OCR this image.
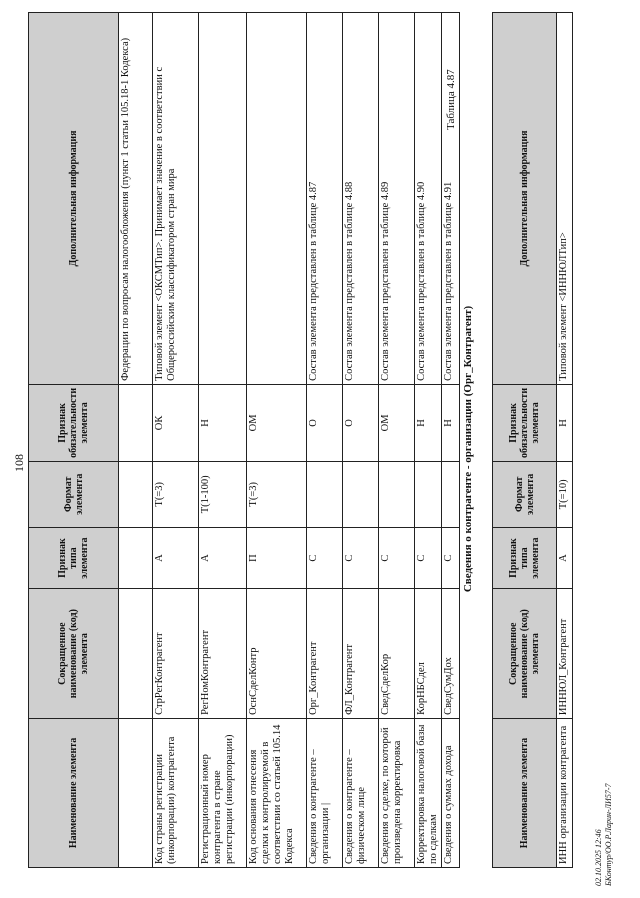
108
Наименование элемента	Сокращенное наименование (код) элемента	Признак типа элемента	Формат элемента	Признак обязательности элемента	Дополнительная информация
					Федерации по вопросам налогообложения (пункт 1 статьи 105.18-1 Кодекса)
Код страны регистрации (инкорпорации) контрагента	СтрРегКонтрагент	А	Т(=3)	ОК	Типовой элемент <ОКСМТип>. Принимает значение в соответствии с Общероссийским классификатором стран мира
Регистрационный номер контрагента в стране регистрации (инкорпорации)	РегНомКонтрагент	А	Т(1-100)	Н	
Код основания отнесения сделки к контролируемой в соответствии со статьей 105.14 Кодекса	ОснСделКонтр	П	Т(=3)	ОМ	
Сведения о контрагенте – организации |	Орг_Контрагент	С		О	Состав элемента представлен в таблице 4.87
Сведения о контрагенте – физическом лице	ФЛ_Контрагент	С		О	Состав элемента представлен в таблице 4.88
Сведения о сделке, по которой произведена корректировка	СведСделКор	С		ОМ	Состав элемента представлен в таблице 4.89
Корректировка налоговой базы по сделкам	КорНБСдел	С		Н	Состав элемента представлен в таблице 4.90
Сведения о суммах дохода	СведСумДох	С		Н	Состав элемента представлен в таблице 4.91
Таблица 4.87
Сведения о контрагенте - организации (Орг_Контрагент)
Наименование элемента	Сокращенное наименование (код) элемента	Признак типа элемента	Формат элемента	Признак обязательности элемента	Дополнительная информация
ИНН организации контрагента	ИННЮЛ_Контрагент	А	Т(=10)	Н	Типовой элемент <ИННЮЛТип>
02.10.2025 12:46 БКонтур/ОО.Р.Ларин-ЛИ57-7
